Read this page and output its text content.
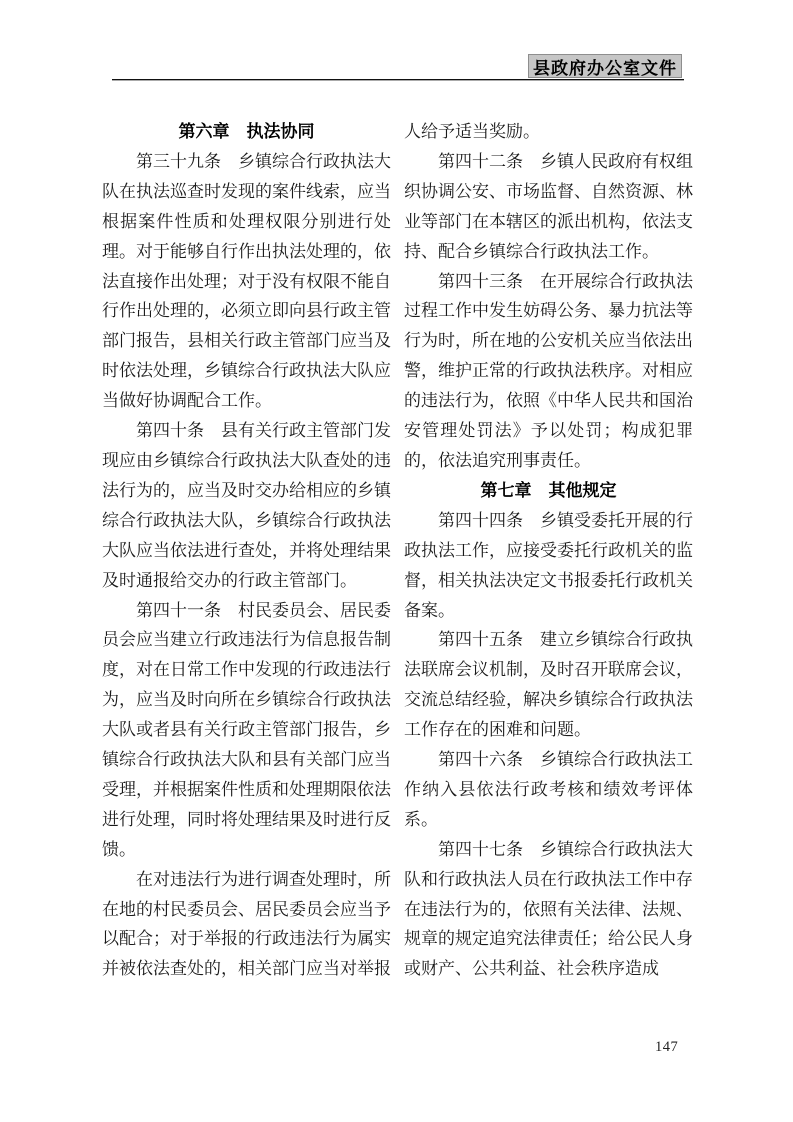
县政府办公室文件
第六章　执法协同
第三十九条　乡镇综合行政执法大队在执法巡查时发现的案件线索，应当根据案件性质和处理权限分别进行处理。对于能够自行作出执法处理的，依法直接作出处理；对于没有权限不能自行作出处理的，必须立即向县行政主管部门报告，县相关行政主管部门应当及时依法处理，乡镇综合行政执法大队应当做好协调配合工作。
第四十条　县有关行政主管部门发现应由乡镇综合行政执法大队查处的违法行为的，应当及时交办给相应的乡镇综合行政执法大队，乡镇综合行政执法大队应当依法进行查处，并将处理结果及时通报给交办的行政主管部门。
第四十一条　村民委员会、居民委员会应当建立行政违法行为信息报告制度，对在日常工作中发现的行政违法行为，应当及时向所在乡镇综合行政执法大队或者县有关行政主管部门报告，乡镇综合行政执法大队和县有关部门应当受理，并根据案件性质和处理期限依法进行处理，同时将处理结果及时进行反馈。
在对违法行为进行调查处理时，所在地的村民委员会、居民委员会应当予以配合；对于举报的行政违法行为属实并被依法查处的，相关部门应当对举报
人给予适当奖励。
第四十二条　乡镇人民政府有权组织协调公安、市场监督、自然资源、林业等部门在本辖区的派出机构，依法支持、配合乡镇综合行政执法工作。
第四十三条　在开展综合行政执法过程工作中发生妨碍公务、暴力抗法等行为时，所在地的公安机关应当依法出警，维护正常的行政执法秩序。对相应的违法行为，依照《中华人民共和国治安管理处罚法》予以处罚；构成犯罪的，依法追究刑事责任。
第七章　其他规定
第四十四条　乡镇受委托开展的行政执法工作，应接受委托行政机关的监督，相关执法决定文书报委托行政机关备案。
第四十五条　建立乡镇综合行政执法联席会议机制，及时召开联席会议，交流总结经验，解决乡镇综合行政执法工作存在的困难和问题。
第四十六条　乡镇综合行政执法工作纳入县依法行政考核和绩效考评体系。
第四十七条　乡镇综合行政执法大队和行政执法人员在行政执法工作中存在违法行为的，依照有关法律、法规、规章的规定追究法律责任；给公民人身或财产、公共利益、社会秩序造成
147
